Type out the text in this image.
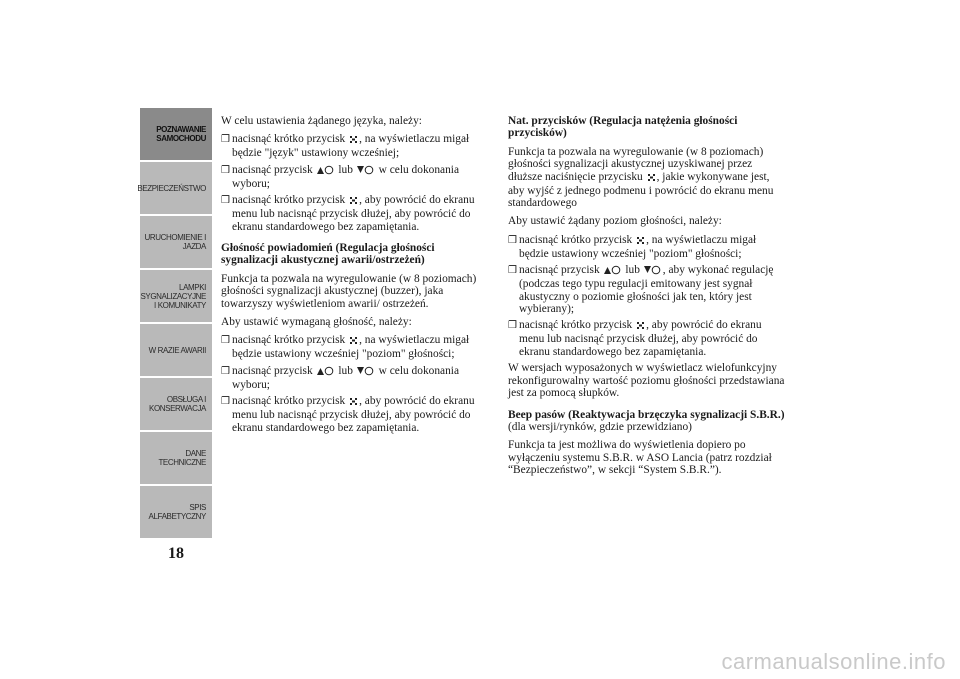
POZNAWANIE
SAMOCHODU
BEZPIECZEŃSTWO
URUCHOMIENIE I
JAZDA
LAMPKI
SYGNALIZACYJNE
I KOMUNIKATY
W RAZIE AWARII
OBSŁUGA I
KONSERWACJA
DANE
TECHNICZNE
SPIS
ALFABETYCZNY
18

W celu ustawienia żądanego języka, należy:

❒ nacisnąć krótko przycisk , na wyświetlaczu migał będzie "język" ustawiony wcześniej;
❒ nacisnąć przycisk lub w celu dokonania wyboru;
❒ nacisnąć krótko przycisk , aby powrócić do ekranu menu lub nacisnąć przycisk dłużej, aby powrócić do ekranu standardowego bez zapamiętania.
Głośność powiadomień (Regulacja głośności sygnalizacji akustycznej awarii/ostrzeżeń)

Funkcja ta pozwala na wyregulowanie (w 8 poziomach) głośności sygnalizacji akustycznej (buzzer), jaka towarzyszy wyświetleniom awarii/ ostrzeżeń.

Aby ustawić wymaganą głośność, należy:

❒ nacisnąć krótko przycisk , na wyświetlaczu migał będzie ustawiony wcześniej "poziom" głośności;
❒ nacisnąć przycisk lub w celu dokonania wyboru;
❒ nacisnąć krótko przycisk , aby powrócić do ekranu menu lub nacisnąć przycisk dłużej, aby powrócić do ekranu standardowego bez zapamiętania.
Nat. przycisków (Regulacja natężenia głośności przycisków)

Funkcja ta pozwala na wyregulowanie (w 8 poziomach) głośności sygnalizacji akustycznej uzyskiwanej przez dłuższe naciśnięcie przycisku , jakie wykonywane jest, aby wyjść z jednego podmenu i powrócić do ekranu menu standardowego

Aby ustawić żądany poziom głośności, należy:

❒ nacisnąć krótko przycisk , na wyświetlaczu migał będzie ustawiony wcześniej "poziom" głośności;
❒ nacisnąć przycisk lub , aby wykonać regulację (podczas tego typu regulacji emitowany jest sygnał akustyczny o poziomie głośności jak ten, który jest wybierany);
❒ nacisnąć krótko przycisk , aby powrócić do ekranu menu lub nacisnąć przycisk dłużej, aby powrócić do ekranu standardowego bez zapamiętania.

W wersjach wyposażonych w wyświetlacz wielofunkcyjny rekonfigurowalny wartość poziomu głośności przedstawiana jest za pomocą słupków.

Beep pasów (Reaktywacja brzęczyka sygnalizacji S.B.R.) (dla wersji/rynków, gdzie przewidziano)

Funkcja ta jest możliwa do wyświetlenia dopiero po wyłączeniu systemu S.B.R. w ASO Lancia (patrz rozdział “Bezpieczeństwo”, w sekcji “System S.B.R.”).

carmanualsonline.info
